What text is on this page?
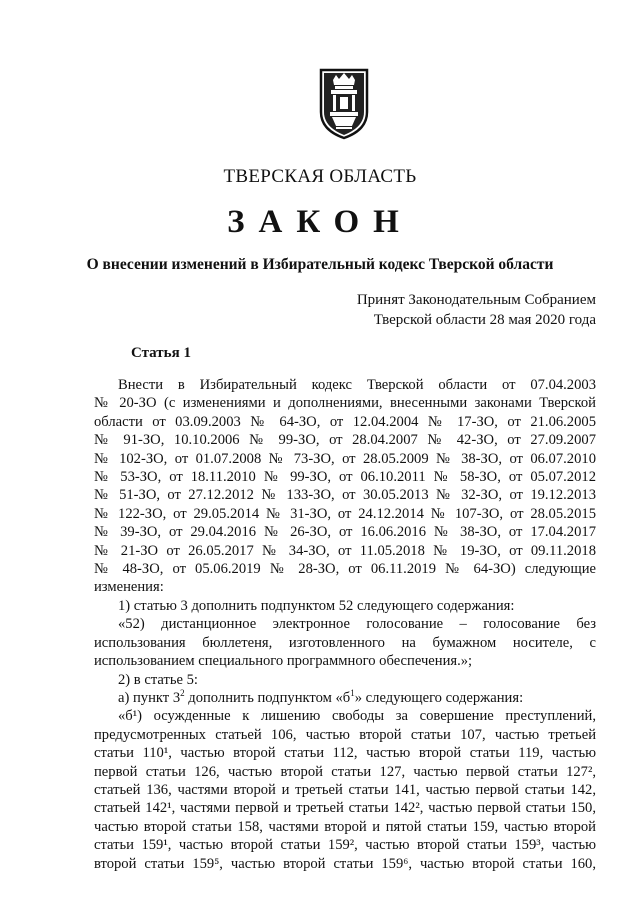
ТВЕРСКАЯ ОБЛАСТЬ
ЗАКОН
О внесении изменений в Избирательный кодекс Тверской области
Принят Законодательным Собранием
Тверской области 28 мая 2020 года
Статья 1

Внести в Избирательный кодекс Тверской области от 07.04.2003

№ 20-ЗО (с изменениями и дополнениями, внесенными законами Тверской

области от 03.09.2003 № 64-ЗО, от 12.04.2004 № 17-ЗО, от 21.06.2005

№ 91-ЗО, 10.10.2006 № 99-ЗО, от 28.04.2007 № 42-ЗО, от 27.09.2007

№ 102-ЗО, от 01.07.2008 № 73-ЗО, от 28.05.2009 № 38-ЗО, от 06.07.2010

№ 53-ЗО, от 18.11.2010 № 99-ЗО, от 06.10.2011 № 58-ЗО, от 05.07.2012

№ 51-ЗО, от 27.12.2012 № 133-ЗО, от 30.05.2013 № 32-ЗО, от 19.12.2013

№ 122-ЗО, от 29.05.2014 № 31-ЗО, от 24.12.2014 № 107-ЗО, от 28.05.2015

№ 39-ЗО, от 29.04.2016 № 26-ЗО, от 16.06.2016 № 38-ЗО, от 17.04.2017

№ 21-ЗО от 26.05.2017 № 34-ЗО, от 11.05.2018 № 19-ЗО, от 09.11.2018

№ 48-ЗО, от 05.06.2019 № 28-ЗО, от 06.11.2019 № 64-ЗО) следующие

изменения:

1) статью 3 дополнить подпунктом 52 следующего содержания:

«52) дистанционное электронное голосование – голосование без

использования бюллетеня, изготовленного на бумажном носителе, с

использованием специального программного обеспечения.»;

2) в статье 5:

а) пункт $3^2$ дополнить подпунктом «$б^1$» следующего содержания:

«б¹) осужденные к лишению свободы за совершение преступлений,

предусмотренных статьей 106, частью второй статьи 107, частью третьей

статьи 110¹, частью второй статьи 112, частью второй статьи 119, частью

первой статьи 126, частью второй статьи 127, частью первой статьи 127²,

статьей 136, частями второй и третьей статьи 141, частью первой статьи 142,

статьей 142¹, частями первой и третьей статьи 142², частью первой статьи 150,

частью второй статьи 158, частями второй и пятой статьи 159, частью второй

статьи 159¹, частью второй статьи 159², частью второй статьи 159³, частью

второй статьи 159⁵, частью второй статьи 159⁶, частью второй статьи 160,
